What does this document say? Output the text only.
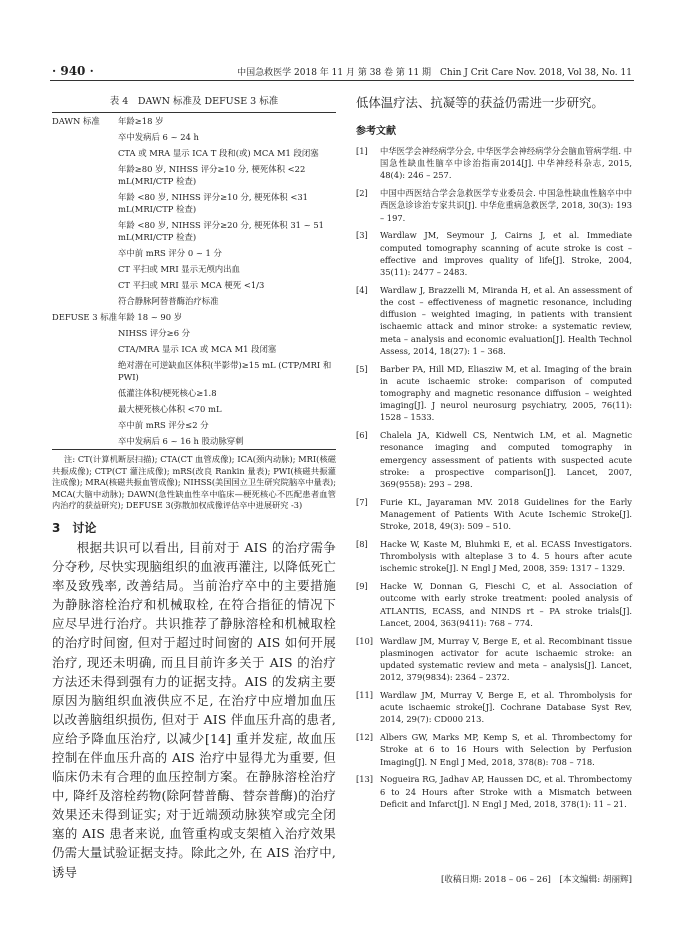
· 940 ·	中国急救医学 2018 年 11 月 第 38 卷 第 11 期　Chin J Crit Care Nov. 2018, Vol 38, No. 11
表 4　DAWN 标准及 DEFUSE 3 标准
DAWN 标准	年龄≥18 岁
卒中发病后 6 ~ 24 h
CTA 或 MRA 显示 ICA T 段和(或) MCA M1 段闭塞
年龄≥80 岁, NIHSS 评分≥10 分, 梗死体积 <22 mL(MRI/CTP 检查)
年龄 <80 岁, NIHSS 评分≥10 分, 梗死体积 <31 mL(MRI/CTP 检查)
年龄 <80 岁, NIHSS 评分≥20 分, 梗死体积 31 ~ 51 mL(MRI/CTP 检查)
卒中前 mRS 评分 0 ~ 1 分
CT 平扫或 MRI 显示无颅内出血
CT 平扫或 MRI 显示 MCA 梗死 <1/3
符合静脉阿替普酶治疗标准
DEFUSE 3 标准 年龄 18 ~ 90 岁
NIHSS 评分≥6 分
CTA/MRA 显示 ICA 或 MCA M1 段闭塞
绝对潜在可逆缺血区体积(半影带)≥15 mL (CTP/MRI 和 PWI)
低灌注体积/梗死核心≥1.8
最大梗死核心体积 <70 mL
卒中前 mRS 评分≤2 分
卒中发病后 6 ~ 16 h 股动脉穿刺
注: CT(计算机断层扫描); CTA(CT 血管成像); ICA(颈内动脉); MRI(核磁共振成像); CTP(CT 灌注成像); mRS(改良 Rankin 量表); PWI(核磁共振灌注成像); MRA(核磁共振血管成像); NIHSS(美国国立卫生研究院脑卒中量表); MCA(大脑中动脉); DAWN(急性缺血性卒中临床—梗死核心不匹配患者血管内治疗的获益研究); DEFUSE 3(弥散加权成像评估卒中进展研究 -3)
3　讨论
根据共识可以看出, 目前对于 AIS 的治疗需争分夺秒, 尽快实现脑组织的血液再灌注, 以降低死亡率及致残率, 改善结局。当前治疗卒中的主要措施为静脉溶栓治疗和机械取栓, 在符合指征的情况下应尽早进行治疗。共识推荐了静脉溶栓和机械取栓的治疗时间窗, 但对于超过时间窗的 AIS 如何开展治疗, 现还未明确, 而且目前许多关于 AIS 的治疗方法还未得到强有力的证据支持。AIS 的发病主要原因为脑组织血液供应不足, 在治疗中应增加血压以改善脑组织损伤, 但对于 AIS 伴血压升高的患者, 应给予降血压治疗, 以减少[14] 重并发症, 故血压控制在伴血压升高的 AIS 治疗中显得尤为重要, 但临床仍未有合理的血压控制方案。在静脉溶栓治疗中, 降纤及溶栓药物(除阿替普酶、替奈普酶)的治疗效果还未得到证实; 对于近端颈动脉狭窄或完全闭塞的 AIS 患者来说, 血管重构或支架植入治疗效果仍需大量试验证据支持。除此之外, 在 AIS 治疗中, 诱导
低体温疗法、抗凝等的获益仍需进一步研究。
参考文献
[1]	中华医学会神经病学分会, 中华医学会神经病学分会脑血管病学组. 中国急性缺血性脑卒中诊治指南2014[J]. 中华神经科杂志, 2015, 48(4): 246 – 257.
[2]	中国中西医结合学会急救医学专业委员会. 中国急性缺血性脑卒中中西医急诊诊治专家共识[J]. 中华危重病急救医学, 2018, 30(3): 193 – 197.
[3]	Wardlaw JM, Seymour J, Cairns J, et al. Immediate computed tomography scanning of acute stroke is cost – effective and improves quality of life[J]. Stroke, 2004, 35(11): 2477 – 2483.
[4]	Wardlaw J, Brazzelli M, Miranda H, et al. An assessment of the cost – effectiveness of magnetic resonance, including diffusion – weighted imaging, in patients with transient ischaemic attack and minor stroke: a systematic review, meta – analysis and economic evaluation[J]. Health Technol Assess, 2014, 18(27): 1 – 368.
[5]	Barber PA, Hill MD, Eliasziw M, et al. Imaging of the brain in acute ischaemic stroke: comparison of computed tomography and magnetic resonance diffusion – weighted imaging[J]. J neurol neurosurg psychiatry, 2005, 76(11): 1528 – 1533.
[6]	Chalela JA, Kidwell CS, Nentwich LM, et al. Magnetic resonance imaging and computed tomography in emergency assessment of patients with suspected acute stroke: a prospective comparison[J]. Lancet, 2007, 369(9558): 293 – 298.
[7]	Furie KL, Jayaraman MV. 2018 Guidelines for the Early Management of Patients With Acute Ischemic Stroke[J]. Stroke, 2018, 49(3): 509 – 510.
[8]	Hacke W, Kaste M, Bluhmki E, et al. ECASS Investigators. Thrombolysis with alteplase 3 to 4. 5 hours after acute ischemic stroke[J]. N Engl J Med, 2008, 359: 1317 – 1329.
[9]	Hacke W, Donnan G, Fieschi C, et al. Association of outcome with early stroke treatment: pooled analysis of ATLANTIS, ECASS, and NINDS rt – PA stroke trials[J]. Lancet, 2004, 363(9411): 768 – 774.
[10] Wardlaw JM, Murray V, Berge E, et al. Recombinant tissue plasminogen activator for acute ischaemic stroke: an updated systematic review and meta – analysis[J]. Lancet, 2012, 379(9834): 2364 – 2372.
[11] Wardlaw JM, Murray V, Berge E, et al. Thrombolysis for acute ischaemic stroke[J]. Cochrane Database Syst Rev, 2014, 29(7): CD000 213.
[12] Albers GW, Marks MP, Kemp S, et al. Thrombectomy for Stroke at 6 to 16 Hours with Selection by Perfusion Imaging[J]. N Engl J Med, 2018, 378(8): 708 – 718.
[13] Nogueira RG, Jadhav AP, Haussen DC, et al. Thrombectomy 6 to 24 Hours after Stroke with a Mismatch between Deficit and Infarct[J]. N Engl J Med, 2018, 378(1): 11 – 21.
[收稿日期: 2018 – 06 – 26]　[本文编辑: 胡丽辉]
